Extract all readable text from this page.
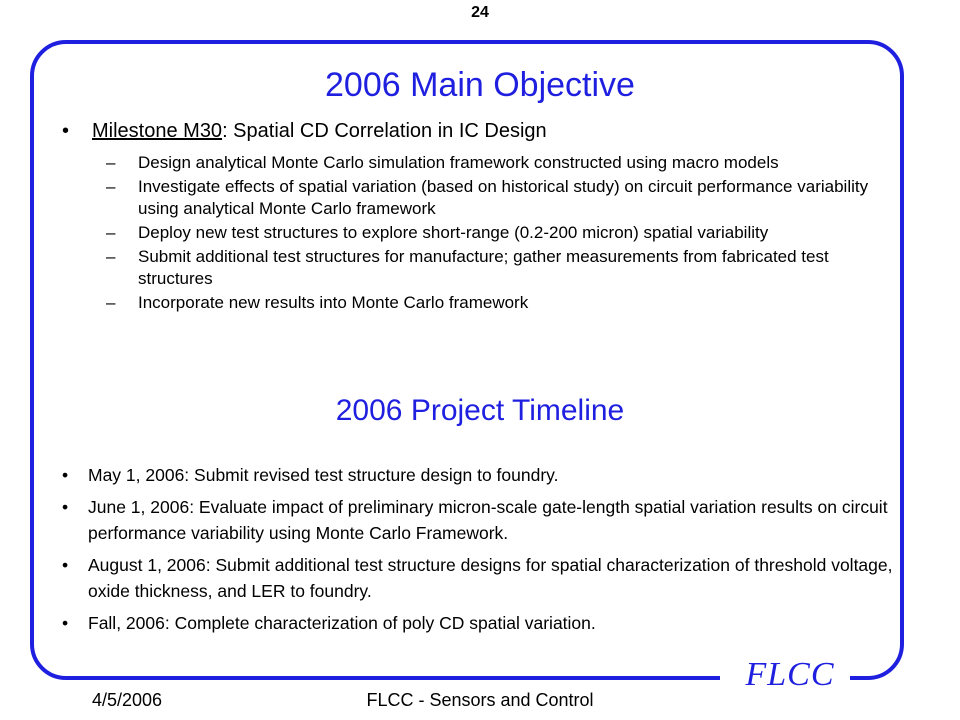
24
FLCC
2006 Main Objective
• Milestone M30: Spatial CD Correlation in IC Design
– Design analytical Monte Carlo simulation framework constructed using macro models
– Investigate effects of spatial variation (based on historical study) on circuit performance variability using analytical Monte Carlo framework
– Deploy new test structures to explore short-range (0.2-200 micron) spatial variability
– Submit additional test structures for manufacture; gather measurements from fabricated test structures
– Incorporate new results into Monte Carlo framework
2006 Project Timeline
• May 1, 2006: Submit revised test structure design to foundry.
• June 1, 2006: Evaluate impact of preliminary micron-scale gate-length spatial variation results on circuit performance variability using Monte Carlo Framework.
• August 1, 2006: Submit additional test structure designs for spatial characterization of threshold voltage, oxide thickness, and LER to foundry.
• Fall, 2006: Complete characterization of poly CD spatial variation.
4/5/2006	FLCC - Sensors and Control
